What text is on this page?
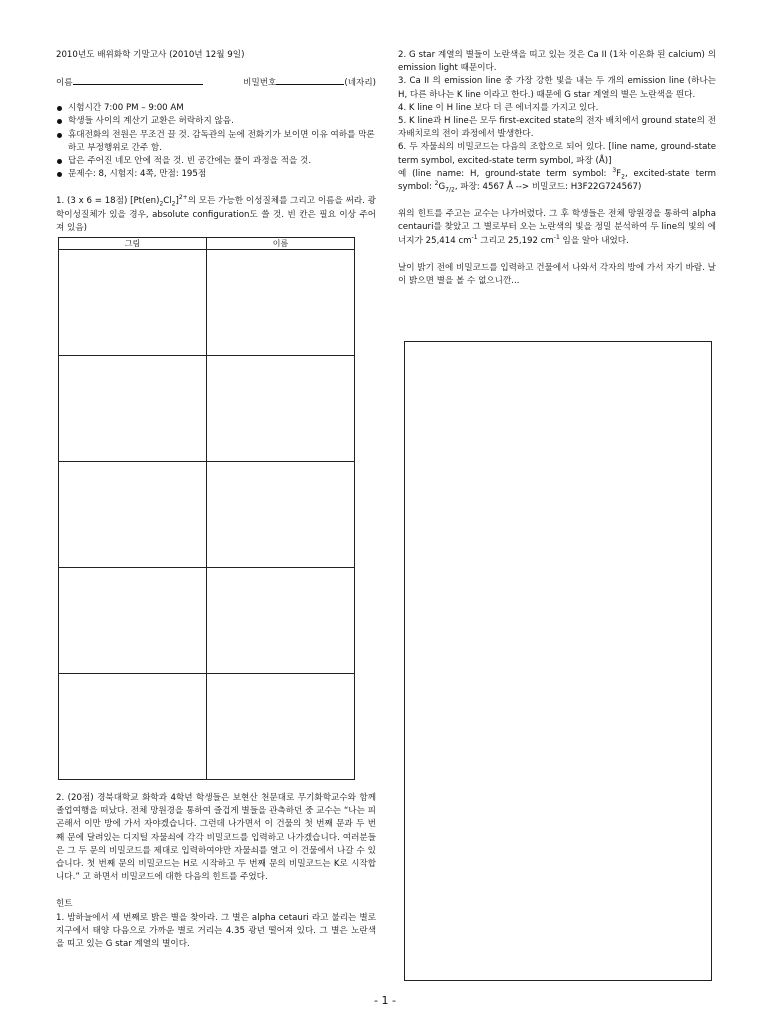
2010년도 배위화학 기말고사 (2010년 12월 9일)

이름	비밀번호	(네자리)
시험시간 7:00 PM – 9:00 AM
학생들 사이의 계산기 교환은 허락하지 않음.
휴대전화의 전원은 무조건 끌 것. 감독관의 눈에 전화기가 보이면 이유 여하를 막론하고 부정행위로 간주 함.
답은 주어진 네모 안에 적을 것. 빈 공간에는 풀이 과정을 적을 것.
문제수: 8, 시험지: 4쪽, 만점: 195점

1. (3 x 6 = 18점) $[Pt(en)_2Cl_2]^{2+}$의 모든 가능한 이성질체를 그리고 이름을 써라. 광학이성질체가 있을 경우, absolute configuration도 쓸 것. 빈 칸은 필요 이상 주어져 있음)

그림	이름

2. (20점) 경북대학교 화학과 4학년 학생들은 보현산 천문대로 무기화학교수와 함께 졸업여행을 떠났다. 전체 망원경을 통하여 즐겁게 별들을 관측하던 중 교수는 “나는 피곤해서 이만 방에 가서 자야겠습니다. 그런데 나가면서 이 건물의 첫 번째 문과 두 번째 문에 달려있는 디지털 자물쇠에 각각 비밀코드를 입력하고 나가겠습니다. 여러분들은 그 두 문의 비밀코드를 제대로 입력하여야만 자물쇠를 열고 이 건물에서 나갈 수 있습니다. 첫 번째 문의 비밀코드는 H로 시작하고 두 번째 문의 비밀코드는 K로 시작합니다.” 고 하면서 비밀코드에 대한 다음의 힌트를 주었다.

힌트

1. 밤하늘에서 세 번째로 밝은 별을 찾아라. 그 별은 alpha cetauri 라고 불리는 별로 지구에서 태양 다음으로 가까운 별로 거리는 4.35 광년 떨어져 있다. 그 별은 노란색을 띠고 있는 G star 계열의 별이다.

2. G star 계열의 별들이 노란색을 띠고 있는 것은 Ca II (1차 이온화 된 calcium) 의 emission light 때문이다.

3. Ca II 의 emission line 중 가장 강한 빛을 내는 두 개의 emission line (하나는 H, 다른 하나는 K line 이라고 한다.) 때문에 G star 계열의 별은 노란색을 띈다.

4. K line 이 H line 보다 더 큰 에너지를 가지고 있다.

5. K line과 H line은 모두 first-excited state의 전자 배치에서 ground state의 전자배치로의 전이 과정에서 발생한다.

6. 두 자물쇠의 비밀코드는 다음의 조합으로 되어 있다. [line name, ground-state term symbol, excited-state term symbol, 파장 (Å)]

예 (line name: H, ground-state term symbol: $^3F_2$, excited-state term symbol: $^2G_{7/2}$, 파장: 4567 Å --> 비밀코드: H3F22G724567)

위의 힌트를 주고는 교수는 나가버렸다. 그 후 학생들은 전체 망원경을 통하여 alpha centauri를 찾았고 그 별로부터 오는 노란색의 빛을 정밀 분석하여 두 line의 빛의 에너지가 25,414 $cm^{-1}$ 그리고 25,192 $cm^{-1}$ 임을 알아 내었다.

날이 밝기 전에 비밀코드를 입력하고 건물에서 나와서 각자의 방에 가서 자기 바람. 날이 밝으면 별을 볼 수 없으니깐...

- 1 -
